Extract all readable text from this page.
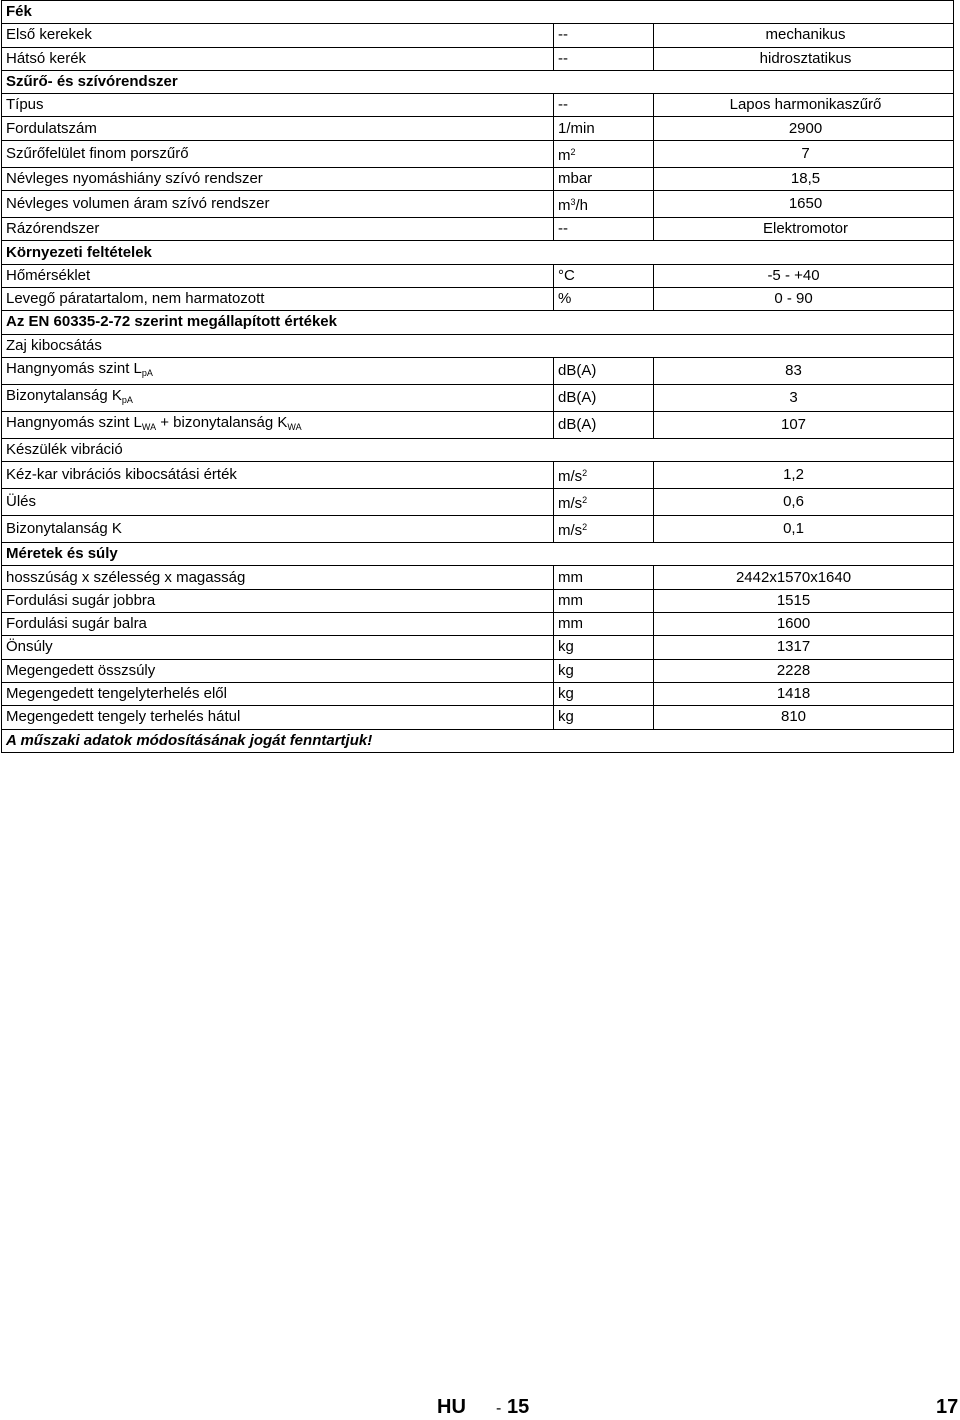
Fék		
Első kerekek	--	mechanikus
Hátsó kerék	--	hidrosztatikus
Szűrő- és szívórendszer		
Típus	--	Lapos harmonikaszűrő
Fordulatszám	1/min	2900
Szűrőfelület finom porszűrő	$m^2$	7
Névleges nyomáshiány szívó rendszer	mbar	18,5
Névleges volumen áram szívó rendszer	$m^3/h$	1650
Rázórendszer	--	Elektromotor
Környezeti feltételek		
Hőmérséklet	°C	-5 - +40
Levegő páratartalom, nem harmatozott	%	0 - 90
Az EN 60335-2-72 szerint megállapított értékek		
Zaj kibocsátás		
Hangnyomás szint $L_{pA}$	dB(A)	83
Bizonytalanság $K_{pA}$	dB(A)	3
Hangnyomás szint $L_{WA}$ + bizonytalanság $K_{WA}$	dB(A)	107
Készülék vibráció		
Kéz-kar vibrációs kibocsátási érték	$m/s^2$	1,2
Ülés	$m/s^2$	0,6
Bizonytalanság K	$m/s^2$	0,1
Méretek és súly		
hosszúság x szélesség x magasság	mm	2442x1570x1640
Fordulási sugár jobbra	mm	1515
Fordulási sugár balra	mm	1600
Önsúly	kg	1317
Megengedett összsúly	kg	2228
Megengedett tengelyterhelés elől	kg	1418
Megengedett tengely terhelés hátul	kg	810
A műszaki adatok módosításának jogát fenntartjuk!		
HU - 15	17
